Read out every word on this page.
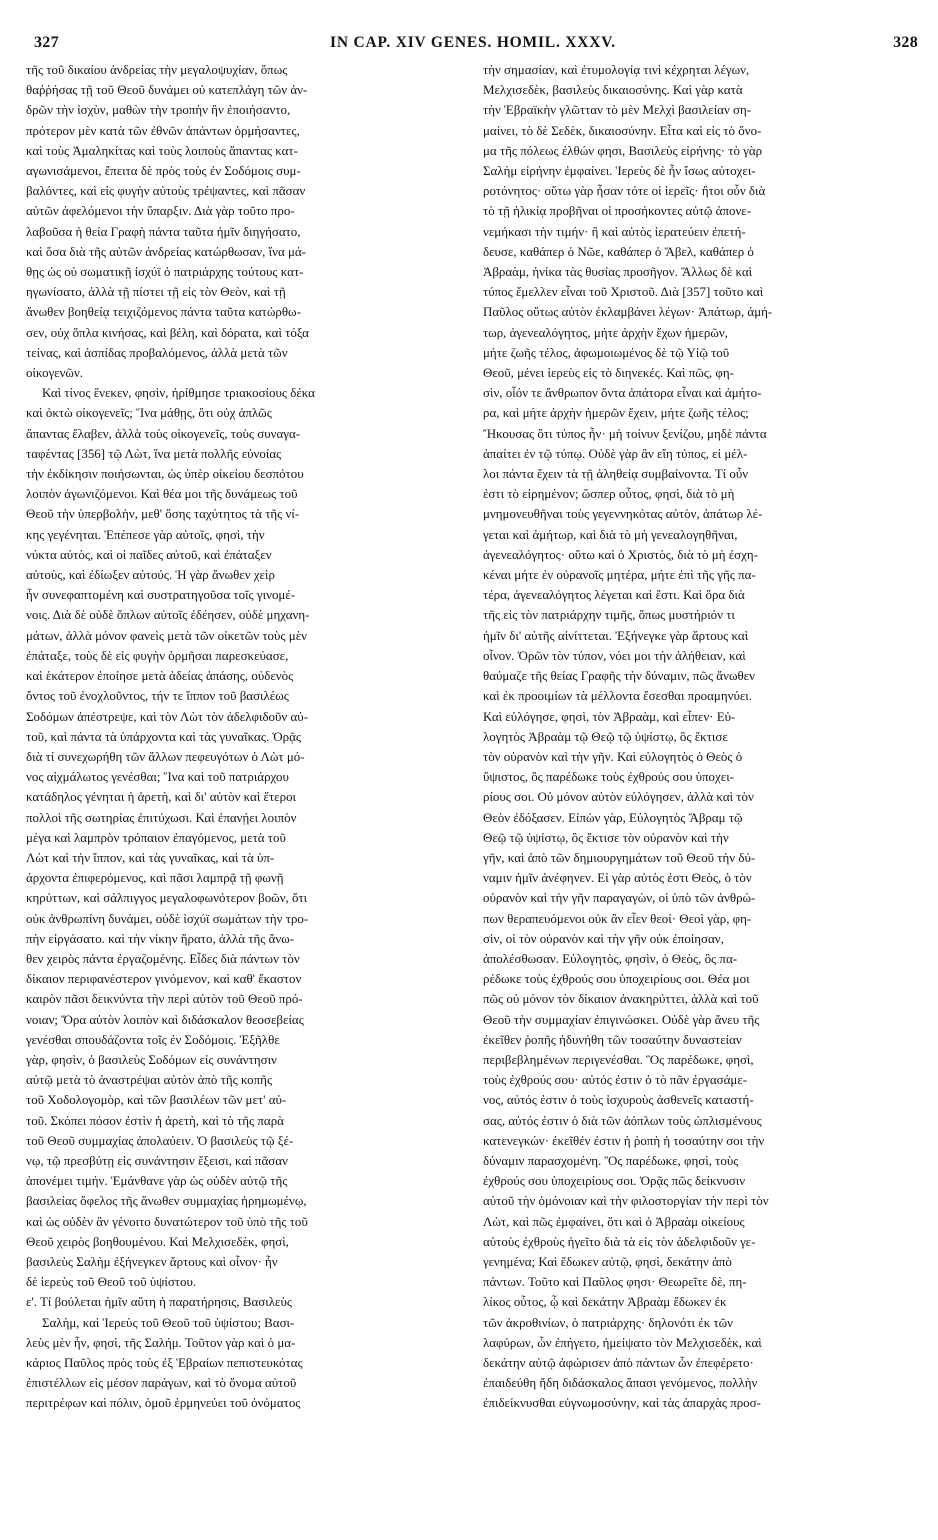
327	IN CAP. XIV GENES. HOMIL. XXXV.	328
τῆς τοῦ δικαίου ἀνδρείας τὴν μεγαλοψυχίαν, ὅπως
θαῤῥήσας τῇ τοῦ Θεοῦ δυνάμει οὐ κατεπλάγη τῶν ἀν-
δρῶν τὴν ἰσχὺν, μαθὼν τὴν τροπὴν ἣν ἐποιήσαντο,
πρότερον μὲν κατὰ τῶν ἐθνῶν ἁπάντων ὁρμήσαντες,
καὶ τοὺς Ἀμαληκίτας καὶ τοὺς λοιποὺς ἅπαντας κατ-
αγωνισάμενοι, ἔπειτα δὲ πρὸς τοὺς ἐν Σοδόμοις συμ-
βαλόντες, καὶ εἰς φυγὴν αὐτοὺς τρέψαντες, καὶ πᾶσαν
αὐτῶν ἀφελόμενοι τὴν ὕπαρξιν. Διὰ γὰρ τοῦτο προ-
λαβοῦσα ἡ θεία Γραφὴ πάντα ταῦτα ἡμῖν διηγήσατο,
καὶ ὅσα διὰ τῆς αὐτῶν ἀνδρείας κατώρθωσαν, ἵνα μά-
θῃς ὡς οὐ σωματικῇ ἰσχύϊ ὁ πατριάρχης τούτους κατ-
ηγωνίσατο, ἀλλὰ τῇ πίστει τῇ εἰς τὸν Θεὸν, καὶ τῇ
ἄνωθεν βοηθείᾳ τειχιζόμενος πάντα ταῦτα κατώρθω-
σεν, οὐχ ὅπλα κινήσας, καὶ βέλη, καὶ δόρατα, καὶ τόξα
τείνας, καὶ ἀσπίδας προβαλόμενος, ἀλλὰ μετὰ τῶν
οἰκογενῶν.
Καὶ τίνος ἕνεκεν, φησὶν, ἠρίθμησε τριακοσίους δέκα
καὶ ὀκτὼ οἰκογενεῖς; Ἵνα μάθῃς, ὅτι οὐχ ἁπλῶς
ἅπαντας ἔλαβεν, ἀλλὰ τοὺς οἰκογενεῖς, τοὺς συναγα-
ταφέντας [356] τῷ Λὼτ, ἵνα μετὰ πολλῆς εὐνοίας
τὴν ἐκδίκησιν ποιήσωνται, ὡς ὑπὲρ οἰκείου δεσπότου
λοιπὸν ἀγωνιζόμενοι. Καὶ θέα μοι τῆς δυνάμεως τοῦ
Θεοῦ τὴν ὑπερβολὴν, μεθ' ὅσης ταχύτητος τὰ τῆς νί-
κης γεγένηται. Ἐπέπεσε γὰρ αὐτοῖς, φησὶ, τὴν
νύκτα αὐτὸς, καὶ οἱ παῖδες αὐτοῦ, καὶ ἐπάταξεν
αὐτοὺς, καὶ ἐδίωξεν αὐτούς. Ἡ γὰρ ἄνωθεν χεὶρ
ἦν συνεφαπτομένη καὶ συστρατηγοῦσα τοῖς γινομέ-
νοις. Διὰ δὲ οὐδὲ ὅπλων αὐτοῖς ἐδέησεν, οὐδὲ μηχανη-
μάτων, ἀλλὰ μόνον φανεὶς μετὰ τῶν οἰκετῶν τοὺς μὲν
ἐπάταξε, τοὺς δὲ εἰς φυγὴν ὁρμῆσαι παρεσκεύασε,
καὶ ἑκάτερον ἐποίησε μετὰ ἀδείας ἁπάσης, οὐδενὸς
ὄντος τοῦ ἐνοχλοῦντος, τήν τε ἵππον τοῦ βασιλέως
Σοδόμων ἀπέστρεψε, καὶ τὸν Λὼτ τὸν ἀδελφιδοῦν αὐ-
τοῦ, καὶ πάντα τὰ ὑπάρχοντα καὶ τὰς γυναῖκας. Ὁρᾷς
διὰ τί συνεχωρήθη τῶν ἄλλων πεφευγότων ὁ Λὼτ μό-
νος αἰχμάλωτος γενέσθαι; Ἵνα καὶ τοῦ πατριάρχου
κατάδηλος γένηται ἡ ἀρετὴ, καὶ δι' αὐτὸν καὶ ἕτεροι
πολλοὶ τῆς σωτηρίας ἐπιτύχωσι. Καὶ ἐπανῄει λοιπὸν
μέγα καὶ λαμπρὸν τρόπαιον ἐπαγόμενος, μετὰ τοῦ
Λὼτ καὶ τὴν ἵππον, καὶ τὰς γυναῖκας, καὶ τὰ ὑπ-
άρχοντα ἐπιφερόμενος, καὶ πᾶσι λαμπρᾷ τῇ φωνῇ
κηρύττων, καὶ σάλπιγγος μεγαλοφωνότερον βοῶν, ὅτι
οὐκ ἀνθρωπίνη δυνάμει, οὐδὲ ἰσχύϊ σωμάτων τὴν τρο-
πὴν εἰργάσατο. καὶ τὴν νίκην ἤρατο, ἀλλὰ τῆς ἄνω-
θεν χειρὸς πάντα ἐργαζομένης. Εἶδες διὰ πάντων τὸν
δίκαιον περιφανέστερον γινόμενον, καὶ καθ' ἕκαστον
καιρὸν πᾶσι δεικνύντα τὴν περὶ αὐτὸν τοῦ Θεοῦ πρό-
νοιαν; Ὅρα αὐτὸν λοιπὸν καὶ διδάσκαλον θεοσεβείας
γενέσθαι σπουδάζοντα τοῖς ἐν Σοδόμοις. Ἐξῆλθε
γὰρ, φησὶν, ὁ βασιλεὺς Σοδόμων εἰς συνάντησιν
αὐτῷ μετὰ τὸ ἀναστρέψαι αὐτὸν ἀπὸ τῆς κοπῆς
τοῦ Χοδολογομὸρ, καὶ τῶν βασιλέων τῶν μετ' αὐ-
τοῦ. Σκόπει πόσον ἐστὶν ἡ ἀρετὴ, καὶ τὸ τῆς παρὰ
τοῦ Θεοῦ συμμαχίας ἀπολαύειν. Ὁ βασιλεὺς τῷ ξέ-
νῳ, τῷ πρεσβύτῃ εἰς συνάντησιν ἔξεισι, καὶ πᾶσαν
ἀπονέμει τιμήν. Ἐμάνθανε γὰρ ὡς οὐδὲν αὐτῷ τῆς
βασιλείας ὄφελος τῆς ἄνωθεν συμμαχίας ἠρημωμένῳ,
καὶ ὡς οὐδὲν ἂν γένοιτο δυνατώτερον τοῦ ὑπὸ τῆς τοῦ
Θεοῦ χειρὸς βοηθουμένου. Καὶ Μελχισεδὲκ, φησὶ,
βασιλεὺς Σαλὴμ ἐξήνεγκεν ἄρτους καὶ οἶνον· ἦν
δὲ ἱερεὺς τοῦ Θεοῦ τοῦ ὑψίστου.
ε'. Τί βούλεται ἡμῖν αὕτη ἡ παρατήρησις, Βασιλεὺς
Σαλὴμ, καὶ Ἱερεὺς τοῦ Θεοῦ τοῦ ὑψίστου; Βασι-
λεὺς μὲν ἦν, φησὶ, τῆς Σαλήμ. Τοῦτον γὰρ καὶ ὁ μα-
κάριος Παῦλος πρὸς τοὺς ἐξ Ἑβραίων πεπιστευκότας
ἐπιστέλλων εἰς μέσον παράγων, καὶ τὸ ὄνομα αὐτοῦ
περιτρέφων καὶ πόλιν, ὁμοῦ ἑρμηνεύει τοῦ ὀνόματος
τὴν σημασίαν, καὶ ἐτυμολογίᾳ τινὶ κέχρηται λέγων,
Μελχισεδὲκ, βασιλεὺς δικαιοσύνης. Καὶ γὰρ κατὰ
τὴν Ἑβραϊκὴν γλῶτταν τὸ μὲν Μελχὶ βασιλείαν ση-
μαίνει, τὸ δὲ Σεδὲκ, δικαιοσύνην. Εἶτα καὶ εἰς τὸ ὄνο-
μα τῆς πόλεως ἐλθών φησι, Βασιλεὺς εἰρήνης· τὸ γὰρ
Σαλὴμ εἰρήνην ἐμφαίνει. Ἱερεὺς δὲ ἦν ἴσως αὐτοχει-
ροτόνητος· οὕτω γὰρ ἦσαν τότε οἱ ἱερεῖς· ἤτοι οὖν διὰ
τὸ τῇ ἡλικίᾳ προβῆναι οἱ προσήκοντες αὐτῷ ἀπονε-
νεμήκασι τὴν τιμήν· ἢ καὶ αὐτὸς ἱερατεύειν ἐπετή-
δευσε, καθάπερ ὁ Νῶε, καθάπερ ὁ Ἄβελ, καθάπερ ὁ
Ἀβραὰμ, ἡνίκα τὰς θυσίας προσῆγον. Ἄλλως δὲ καὶ
τύπος ἔμελλεν εἶναι τοῦ Χριστοῦ. Διὰ [357] τοῦτο καὶ
Παῦλος οὕτως αὐτὸν ἐκλαμβάνει λέγων· Ἀπάτωρ, ἀμή-
τωρ, ἀγενεαλόγητος, μήτε ἀρχὴν ἔχων ἡμερῶν,
μήτε ζωῆς τέλος, ἀφωμοιωμένος δὲ τῷ Υἱῷ τοῦ
Θεοῦ, μένει ἱερεὺς εἰς τὸ διηνεκές. Καὶ πῶς, φη-
σὶν, οἷόν τε ἄνθρωπον ὄντα ἀπάτορα εἶναι καὶ ἀμήτο-
ρα, καὶ μήτε ἀρχὴν ἡμερῶν ἔχειν, μήτε ζωῆς τέλος;
Ἤκουσας ὅτι τύπος ἦν· μὴ τοίνυν ξενίζου, μηδὲ πάντα
ἀπαίτει ἐν τῷ τύπῳ. Οὐδὲ γὰρ ἂν εἴη τύπος, εἰ μέλ-
λοι πάντα ἔχειν τὰ τῇ ἀληθείᾳ συμβαίνοντα. Τί οὖν
ἐστι τὸ εἰρημένον; ὥσπερ οὗτος, φησὶ, διὰ τὸ μὴ
μνημονευθῆναι τοὺς γεγεννηκότας αὐτὸν, ἀπάτωρ λέ-
γεται καὶ ἀμήτωρ, καὶ διὰ τὸ μὴ γενεαλογηθῆναι,
ἀγενεαλόγητος· οὕτω καὶ ὁ Χριστὸς, διὰ τὸ μὴ ἐσχη-
κέναι μήτε ἐν οὐρανοῖς μητέρα, μήτε ἐπὶ τῆς γῆς πα-
τέρα, ἀγενεαλόγητος λέγεται καὶ ἔστι. Καὶ ὅρα διὰ
τῆς εἰς τὸν πατριάρχην τιμῆς, ὅπως μυστήριόν τι
ἡμῖν δι' αὐτῆς αἰνίττεται. Ἐξήνεγκε γὰρ ἄρτους καὶ
οἶνον. Ὁρῶν τὸν τύπον, νόει μοι τὴν ἀλήθειαν, καὶ
θαύμαζε τῆς θείας Γραφῆς τὴν δύναμιν, πῶς ἄνωθεν
καὶ ἐκ προοιμίων τὰ μέλλοντα ἔσεσθαι προαμηνύει.
Καὶ εὐλόγησε, φησὶ, τὸν Ἀβραὰμ, καὶ εἶπεν· Εὐ-
λογητὸς Ἀβραὰμ τῷ Θεῷ τῷ ὑψίστῳ, ὃς ἔκτισε
τὸν οὐρανὸν καὶ τὴν γῆν. Καὶ εὐλογητὸς ὁ Θεὸς ὁ
ὕψιστος, ὃς παρέδωκε τοὺς ἐχθρούς σου ὑποχει-
ρίους σοι. Οὐ μόνον αὐτὸν εὐλόγησεν, ἀλλὰ καὶ τὸν
Θεὸν ἐδόξασεν. Εἰπὼν γὰρ, Εὐλογητὸς Ἄβραμ τῷ
Θεῷ τῷ ὑψίστῳ, ὃς ἔκτισε τὸν οὐρανὸν καὶ τὴν
γῆν, καὶ ἀπὸ τῶν δημιουργημάτων τοῦ Θεοῦ τὴν δύ-
ναμιν ἡμῖν ἀνέφηνεν. Εἰ γὰρ αὐτὸς ἐστι Θεὸς, ὁ τὸν
οὐρανὸν καὶ τὴν γῆν παραγαγὼν, οἱ ὑπὸ τῶν ἀνθρώ-
πων θεραπευόμενοι οὐκ ἂν εἶεν θεοί· Θεοὶ γὰρ, φη-
σὶν, οἱ τὸν οὐρανὸν καὶ τὴν γῆν οὐκ ἐποίησαν,
ἀπολέσθωσαν. Εὐλογητὸς, φησὶν, ὁ Θεὸς, ὃς πα-
ρέδωκε τοὺς ἐχθρούς σου ὑποχειρίους σοι. Θέα μοι
πῶς οὐ μόνον τὸν δίκαιον ἀνακηρύττει, ἀλλὰ καὶ τοῦ
Θεοῦ τὴν συμμαχίαν ἐπιγινώσκει. Οὐδὲ γὰρ ἄνευ τῆς
ἐκεῖθεν ῥοπῆς ἠδυνήθη τῶν τοσαύτην δυναστείαν
περιβεβλημένων περιγενέσθαι. Ὃς παρέδωκε, φησὶ,
τοὺς ἐχθρούς σου· αὐτός ἐστιν ὁ τὸ πᾶν ἐργασάμε-
νος, αὐτός ἐστιν ὁ τοὺς ἰσχυροὺς ἀσθενεῖς καταστή-
σας, αὐτός ἐστιν ὁ διὰ τῶν ἀόπλων τοὺς ὡπλισμένους
κατενεγκών· ἐκεῖθέν ἐστιν ἡ ῥοπὴ ἡ τοσαύτην σοι τὴν
δύναμιν παρασχομένη. Ὃς παρέδωκε, φησὶ, τοὺς
ἐχθρούς σου ὑποχειρίους σοι. Ὁρᾷς πῶς δείκνυσιν
αὐτοῦ τὴν ὁμόνοιαν καὶ τὴν φιλοστοργίαν τὴν περὶ τὸν
Λὼτ, καὶ πῶς ἐμφαίνει, ὅτι καὶ ὁ Ἀβραὰμ οἰκείους
αὐτοὺς ἐχθροὺς ἡγεῖτο διὰ τὰ εἰς τὸν ἀδελφιδοῦν γε-
γενημένα; Καὶ ἔδωκεν αὐτῷ, φησὶ, δεκάτην ἀπὸ
πάντων. Τοῦτο καὶ Παῦλος φησι· Θεωρεῖτε δὲ, πη-
λίκος οὗτος, ᾧ καὶ δεκάτην Ἀβραὰμ ἔδωκεν ἐκ
τῶν ἀκροθινίων, ὁ πατριάρχης· δηλονότι ἐκ τῶν
λαφύρων, ὧν ἐπήγετο, ἠμείψατο τὸν Μελχισεδὲκ, καὶ
δεκάτην αὐτῷ ἀφώρισεν ἀπὸ πάντων ὧν ἐπεφέρετο·
ἐπαιδεύθη ἤδη διδάσκαλος ἅπασι γενόμενος, πολλὴν
ἐπιδείκνυσθαι εὐγνωμοσύνην, καὶ τὰς ἀπαρχὰς προσ-
